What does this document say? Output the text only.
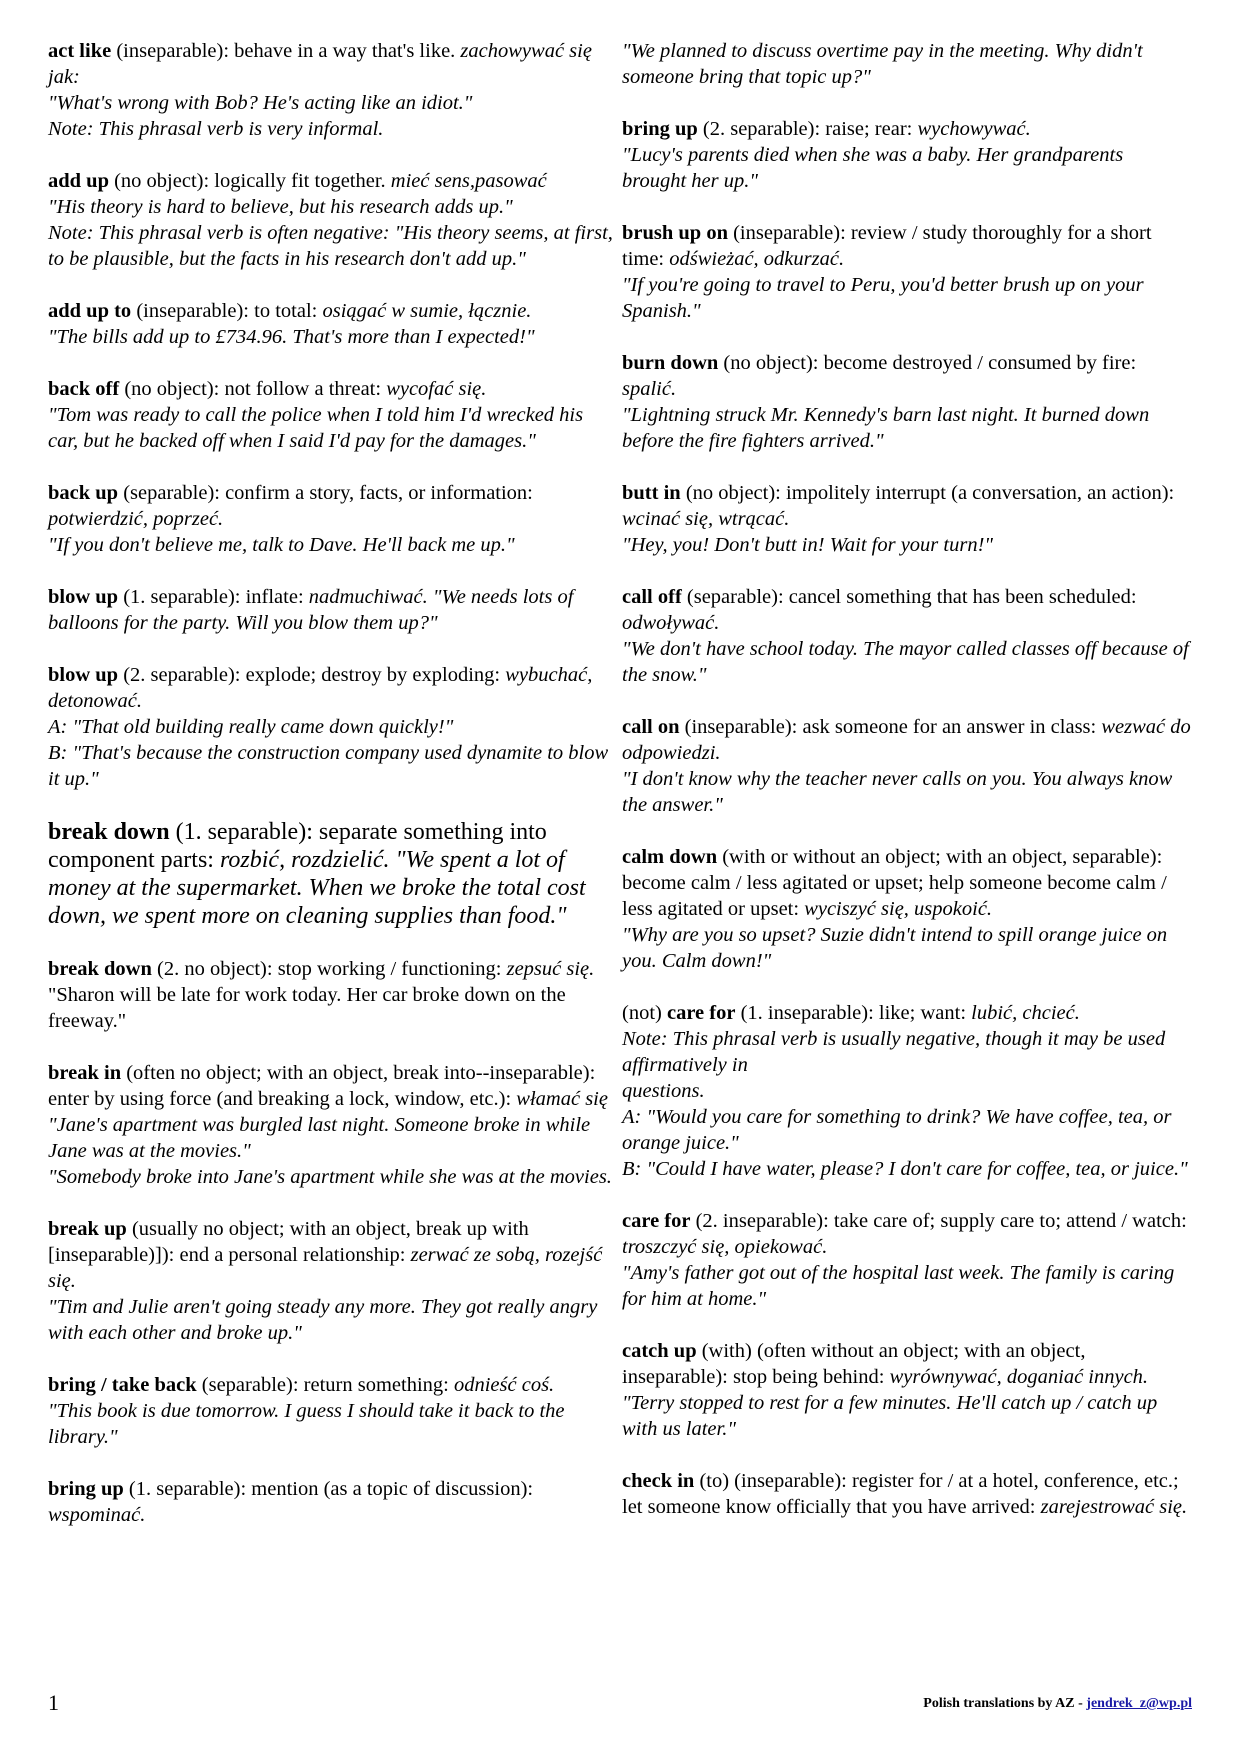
act like (inseparable): behave in a way that's like. zachowywać się jak:

"What's wrong with Bob? He's acting like an idiot."

Note: This phrasal verb is very informal.

add up (no object): logically fit together. mieć sens,pasować

"His theory is hard to believe, but his research adds up."

Note: This phrasal verb is often negative: "His theory seems, at first, to be plausible, but the facts in his research don't add up."

add up to (inseparable): to total: osiągać w sumie, łącznie.

"The bills add up to £734.96. That's more than I expected!"

back off (no object): not follow a threat: wycofać się.

"Tom was ready to call the police when I told him I'd wrecked his car, but he backed off when I said I'd pay for the damages."

back up (separable): confirm a story, facts, or information: potwierdzić, poprzeć.

"If you don't believe me, talk to Dave. He'll back me up."

blow up (1. separable): inflate: nadmuchiwać. "We needs lots of balloons for the party. Will you blow them up?"

blow up (2. separable): explode; destroy by exploding: wybuchać, detonować.

A: "That old building really came down quickly!"

B: "That's because the construction company used dynamite to blow it up."

break down (1. separable): separate something into component parts: rozbić, rozdzielić. "We spent a lot of money at the supermarket. When we broke the total cost down, we spent more on cleaning supplies than food."

break down (2. no object): stop working / functioning: zepsuć się. "Sharon will be late for work today. Her car broke down on the freeway."

break in (often no object; with an object, break into--inseparable): enter by using force (and breaking a lock, window, etc.): włamać się

"Jane's apartment was burgled last night. Someone broke in while Jane was at the movies."

"Somebody broke into Jane's apartment while she was at the movies.

break up (usually no object; with an object, break up with [inseparable)]): end a personal relationship: zerwać ze sobą, rozejść się.

"Tim and Julie aren't going steady any more. They got really angry with each other and broke up."

bring / take back (separable): return something: odnieść coś.

"This book is due tomorrow. I guess I should take it back to the library."

bring up (1. separable): mention (as a topic of discussion): wspominać.

"We planned to discuss overtime pay in the meeting. Why didn't someone bring that topic up?"

bring up (2. separable): raise; rear: wychowywać.

"Lucy's parents died when she was a baby. Her grandparents brought her up."

brush up on (inseparable): review / study thoroughly for a short time: odświeżać, odkurzać.

"If you're going to travel to Peru, you'd better brush up on your Spanish."

burn down (no object): become destroyed / consumed by fire: spalić.

"Lightning struck Mr. Kennedy's barn last night. It burned down before the fire fighters arrived."

butt in (no object): impolitely interrupt (a conversation, an action): wcinać się, wtrącać.

"Hey, you! Don't butt in! Wait for your turn!"

call off (separable): cancel something that has been scheduled: odwoływać.

"We don't have school today. The mayor called classes off because of the snow."

call on (inseparable): ask someone for an answer in class: wezwać do odpowiedzi.

"I don't know why the teacher never calls on you. You always know the answer."

calm down (with or without an object; with an object, separable): become calm / less agitated or upset; help someone become calm / less agitated or upset: wyciszyć się, uspokoić.

"Why are you so upset? Suzie didn't intend to spill orange juice on you. Calm down!"

(not) care for (1. inseparable): like; want: lubić, chcieć.

Note: This phrasal verb is usually negative, though it may be used affirmatively in

questions.

A: "Would you care for something to drink? We have coffee, tea, or orange juice."

B: "Could I have water, please? I don't care for coffee, tea, or juice."

care for (2. inseparable): take care of; supply care to; attend / watch: troszczyć się, opiekować.

"Amy's father got out of the hospital last week. The family is caring for him at home."

catch up (with) (often without an object; with an object, inseparable): stop being behind: wyrównywać, doganiać innych.

"Terry stopped to rest for a few minutes. He'll catch up / catch up with us later."

check in (to) (inseparable): register for / at a hotel, conference, etc.; let someone know officially that you have arrived: zarejestrować się.

1	Polish translations by AZ - jendrek_z@wp.pl
